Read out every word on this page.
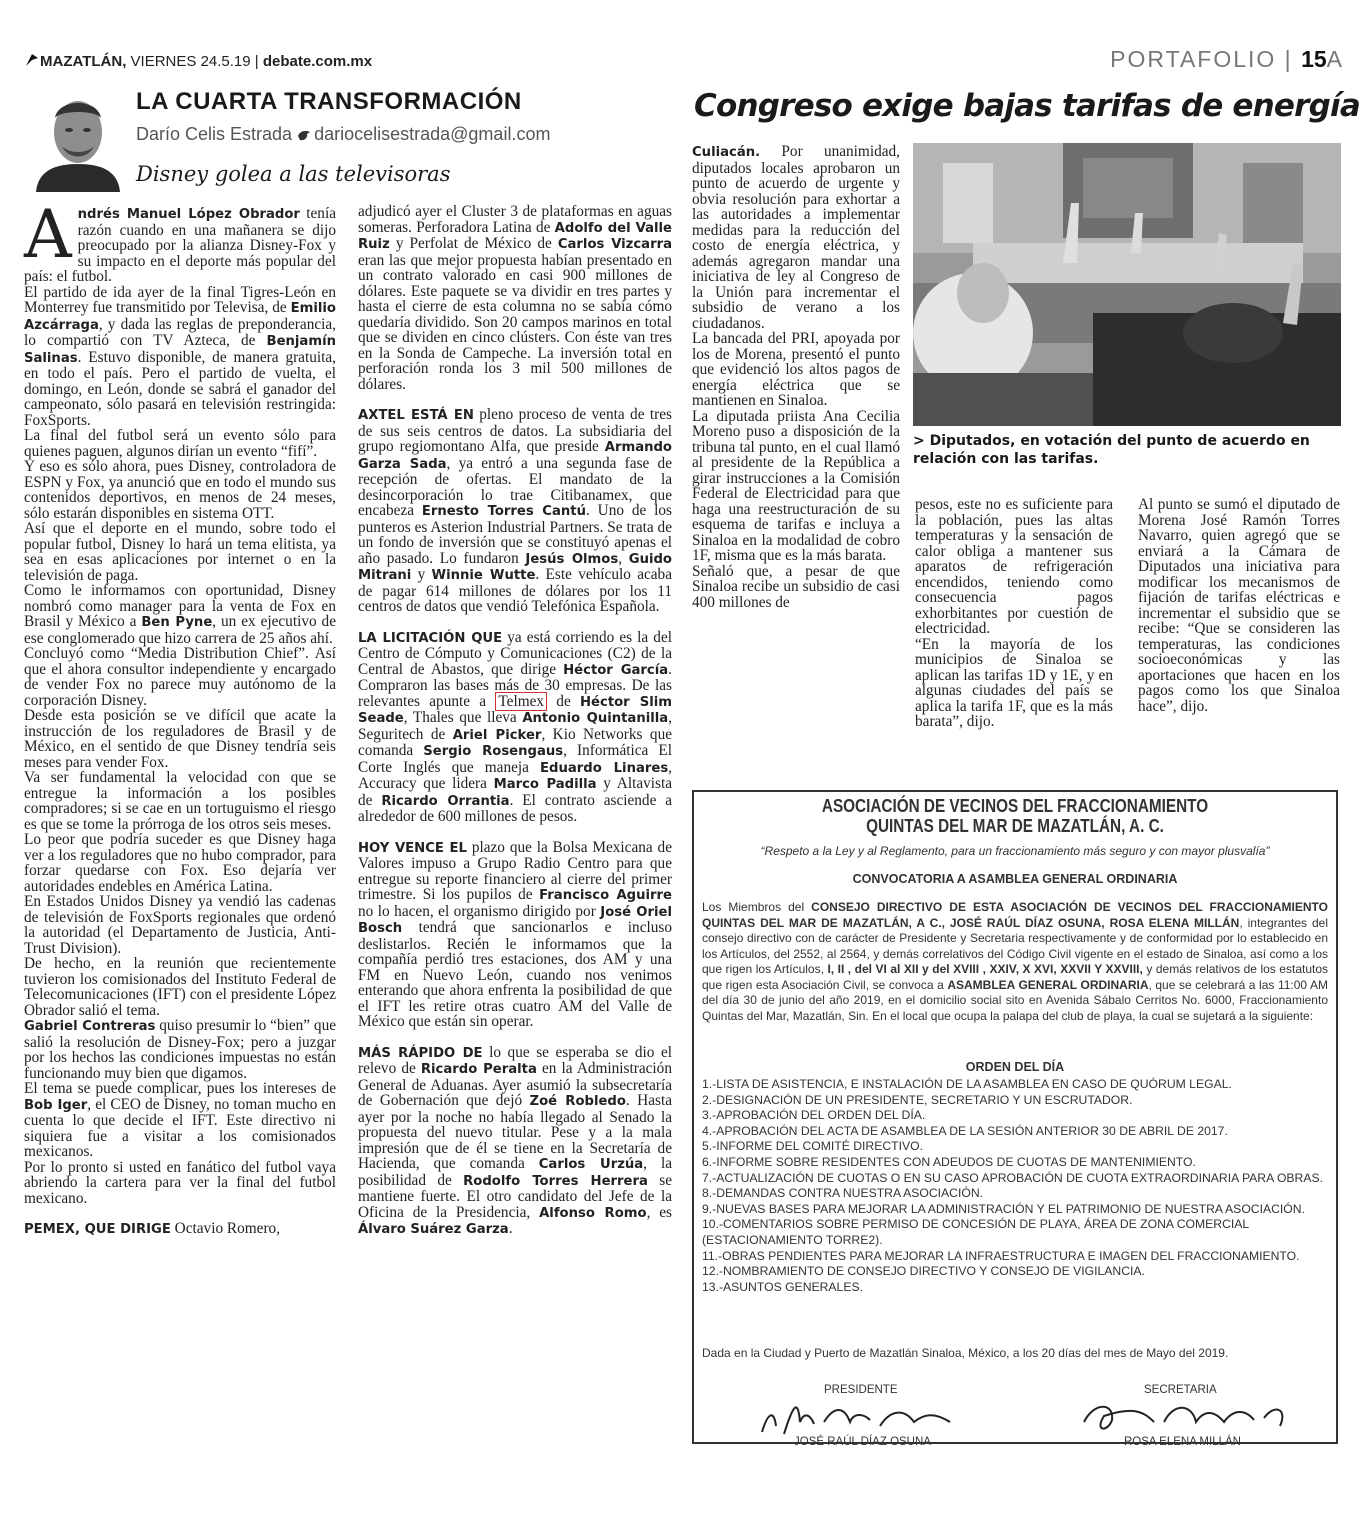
MAZATLÁN, VIERNES 24.5.19 | debate.com.mx	PORTAFOLIO | 15A
LA CUARTA TRANSFORMACIÓN
Darío Celis Estrada dariocelisestrada@gmail.com
Disney golea a las televisoras
A ndrés Manuel López Obrador tenía razón cuando en una mañanera se dijo preocupado por la alianza Disney-Fox y su impacto en el deporte más popular del país: el futbol.

El partido de ida ayer de la final Tigres-León en Monterrey fue transmitido por Televisa, de Emilio Azcárraga, y dada las reglas de preponderancia, lo compartió con TV Azteca, de Benjamín Salinas. Estuvo disponible, de manera gratuita, en todo el país. Pero el partido de vuelta, el domingo, en León, donde se sabrá el ganador del campeonato, sólo pasará en televisión restringida: FoxSports.

La final del futbol será un evento sólo para quienes paguen, algunos dirían un evento “fifí”.

Y eso es sólo ahora, pues Disney, controladora de ESPN y Fox, ya anunció que en todo el mundo sus contenidos deportivos, en menos de 24 meses, sólo estarán disponibles en sistema OTT.

Así que el deporte en el mundo, sobre todo el popular futbol, Disney lo hará un tema elitista, ya sea en esas aplicaciones por internet o en la televisión de paga.

Como le informamos con oportunidad, Disney nombró como manager para la venta de Fox en Brasil y México a Ben Pyne, un ex ejecutivo de ese conglomerado que hizo carrera de 25 años ahí.

Concluyó como “Media Distribution Chief”. Así que el ahora consultor independiente y encargado de vender Fox no parece muy autónomo de la corporación Disney.

Desde esta posición se ve difícil que acate la instrucción de los reguladores de Brasil y de México, en el sentido de que Disney tendría seis meses para vender Fox.

Va ser fundamental la velocidad con que se entregue la información a los posibles compradores; si se cae en un tortuguismo el riesgo es que se tome la prórroga de los otros seis meses.

Lo peor que podría suceder es que Disney haga ver a los reguladores que no hubo comprador, para forzar quedarse con Fox. Eso dejaría ver autoridades endebles en América Latina.

En Estados Unidos Disney ya vendió las cadenas de televisión de FoxSports regionales que ordenó la autoridad (el Departamento de Justicia, Anti-Trust Division).

De hecho, en la reunión que recientemente tuvieron los comisionados del Instituto Federal de Telecomunicaciones (IFT) con el presidente López Obrador salió el tema.

Gabriel Contreras quiso presumir lo “bien” que salió la resolución de Disney-Fox; pero a juzgar por los hechos las condiciones impuestas no están funcionando muy bien que digamos.

El tema se puede complicar, pues los intereses de Bob Iger, el CEO de Disney, no toman mucho en cuenta lo que decide el IFT. Este directivo ni siquiera fue a visitar a los comisionados mexicanos.

Por lo pronto si usted en fanático del futbol vaya abriendo la cartera para ver la final del futbol mexicano.

PEMEX, QUE DIRIGE Octavio Romero,

adjudicó ayer el Cluster 3 de plataformas en aguas someras. Perforadora Latina de Adolfo del Valle Ruiz y Perfolat de México de Carlos Vizcarra eran las que mejor propuesta habían presentado en un contrato valorado en casi 900 millones de dólares. Este paquete se va dividir en tres partes y hasta el cierre de esta columna no se sabía cómo quedaría dividido. Son 20 campos marinos en total que se dividen en cinco clústers. Con éste van tres en la Sonda de Campeche. La inversión total en perforación ronda los 3 mil 500 millones de dólares.

AXTEL ESTÁ EN pleno proceso de venta de tres de sus seis centros de datos. La subsidiaria del grupo regiomontano Alfa, que preside Armando Garza Sada, ya entró a una segunda fase de recepción de ofertas. El mandato de la desincorporación lo trae Citibanamex, que encabeza Ernesto Torres Cantú. Uno de los punteros es Asterion Industrial Partners. Se trata de un fondo de inversión que se constituyó apenas el año pasado. Lo fundaron Jesús Olmos, Guido Mitrani y Winnie Wutte. Este vehículo acaba de pagar 614 millones de dólares por los 11 centros de datos que vendió Telefónica Española.

LA LICITACIÓN QUE ya está corriendo es la del Centro de Cómputo y Comunicaciones (C2) de la Central de Abastos, que dirige Héctor García. Compraron las bases más de 30 empresas. De las relevantes apunte a Telmex de Héctor Slim Seade, Thales que lleva Antonio Quintanilla, Seguritech de Ariel Picker, Kio Networks que comanda Sergio Rosengaus, Informática El Corte Inglés que maneja Eduardo Linares, Accuracy que lidera Marco Padilla y Altavista de Ricardo Orrantia. El contrato asciende a alrededor de 600 millones de pesos.

HOY VENCE EL plazo que la Bolsa Mexicana de Valores impuso a Grupo Radio Centro para que entregue su reporte financiero al cierre del primer trimestre. Si los pupilos de Francisco Aguirre no lo hacen, el organismo dirigido por José Oriel Bosch tendrá que sancionarlos e incluso deslistarlos. Recién le informamos que la compañía perdió tres estaciones, dos AM y una FM en Nuevo León, cuando nos venimos enterando que ahora enfrenta la posibilidad de que el IFT les retire otras cuatro AM del Valle de México que están sin operar.

MÁS RÁPIDO DE lo que se esperaba se dio el relevo de Ricardo Peralta en la Administración General de Aduanas. Ayer asumió la subsecretaría de Gobernación que dejó Zoé Robledo. Hasta ayer por la noche no había llegado al Senado la propuesta del nuevo titular. Pese y a la mala impresión que de él se tiene en la Secretaría de Hacienda, que comanda Carlos Urzúa, la posibilidad de Rodolfo Torres Herrera se mantiene fuerte. El otro candidato del Jefe de la Oficina de la Presidencia, Alfonso Romo, es Álvaro Suárez Garza.

Congreso exige bajas tarifas de energía

Culiacán. Por unanimidad, diputados locales aprobaron un punto de acuerdo de urgente y obvia resolución para exhortar a las autoridades a implementar medidas para la reducción del costo de energía eléctrica, y además agregaron mandar una iniciativa de ley al Congreso de la Unión para incrementar el subsidio de verano a los ciudadanos.

La bancada del PRI, apoyada por los de Morena, presentó el punto que evidenció los altos pagos de energía eléctrica que se mantienen en Sinaloa.

La diputada priista Ana Cecilia Moreno puso a disposición de la tribuna tal punto, en el cual llamó al presidente de la República a girar instrucciones a la Comisión Federal de Electricidad para que haga una reestructuración de su esquema de tarifas e incluya a Sinaloa en la modalidad de cobro 1F, misma que es la más barata.

Señaló que, a pesar de que Sinaloa recibe un subsidio de casi 400 millones de

> Diputados, en votación del punto de acuerdo en relación con las tarifas.

pesos, este no es suficiente para la población, pues las altas temperaturas y la sensación de calor obliga a mantener sus aparatos de refrigeración encendidos, teniendo como consecuencia pagos exhorbitantes por cuestión de electricidad.

“En la mayoría de los municipios de Sinaloa se aplican las tarifas 1D y 1E, y en algunas ciudades del país se aplica la tarifa 1F, que es la más barata”, dijo.

Al punto se sumó el diputado de Morena José Ramón Torres Navarro, quien agregó que se enviará a la Cámara de Diputados una iniciativa para modificar los mecanismos de fijación de tarifas eléctricas e incrementar el subsidio que se recibe: “Que se consideren las temperaturas, las condiciones socioeconómicas y las aportaciones que hacen en los pagos como los que Sinaloa hace”, dijo.

ASOCIACIÓN DE VECINOS DEL FRACCIONAMIENTO
QUINTAS DEL MAR DE MAZATLÁN, A. C.
“Respeto a la Ley y al Reglamento, para un fraccionamiento más seguro y con mayor plusvalía”
CONVOCATORIA A ASAMBLEA GENERAL ORDINARIA
Los Miembros del CONSEJO DIRECTIVO DE ESTA ASOCIACIÓN DE VECINOS DEL FRACCIONAMIENTO QUINTAS DEL MAR DE MAZATLÁN, A C., JOSÉ RAÚL DÍAZ OSUNA, ROSA ELENA MILLÁN, integrantes del consejo directivo con de carácter de Presidente y Secretaria respectivamente y de conformidad por lo establecido en los Artículos, del 2552, al 2564, y demás correlativos del Código Civil vigente en el estado de Sinaloa, así como a los que rigen los Artículos, I, II , del VI al XII y del XVIII , XXIV, X XVI, XXVII Y XXVIII, y demás relativos de los estatutos que rigen esta Asociación Civil, se convoca a ASAMBLEA GENERAL ORDINARIA, que se celebrará a las 11:00 AM del día 30 de junio del año 2019, en el domicilio social sito en Avenida Sábalo Cerritos No. 6000, Fraccionamiento Quintas del Mar, Mazatlán, Sin. En el local que ocupa la palapa del club de playa, la cual se sujetará a la siguiente:
ORDEN DEL DÍA
1.-LISTA DE ASISTENCIA, E INSTALACIÓN DE LA ASAMBLEA EN CASO DE QUÓRUM LEGAL.
2.-DESIGNACIÓN DE UN PRESIDENTE, SECRETARIO Y UN ESCRUTADOR.
3.-APROBACIÓN DEL ORDEN DEL DÍA.
4.-APROBACIÓN DEL ACTA DE ASAMBLEA DE LA SESIÓN ANTERIOR 30 DE ABRIL DE 2017.
5.-INFORME DEL COMITÉ DIRECTIVO.
6.-INFORME SOBRE RESIDENTES CON ADEUDOS DE CUOTAS DE MANTENIMIENTO.
7.-ACTUALIZACIÓN DE CUOTAS O EN SU CASO APROBACIÓN DE CUOTA EXTRAORDINARIA PARA OBRAS.
8.-DEMANDAS CONTRA NUESTRA ASOCIACIÓN.
9.-NUEVAS BASES PARA MEJORAR LA ADMINISTRACIÓN Y EL PATRIMONIO DE NUESTRA ASOCIACIÓN.
10.-COMENTARIOS SOBRE PERMISO DE CONCESIÓN DE PLAYA, ÁREA DE ZONA COMERCIAL (ESTACIONAMIENTO TORRE2).
11.-OBRAS PENDIENTES PARA MEJORAR LA INFRAESTRUCTURA E IMAGEN DEL FRACCIONAMIENTO.
12.-NOMBRAMIENTO DE CONSEJO DIRECTIVO Y CONSEJO DE VIGILANCIA.
13.-ASUNTOS GENERALES.
Dada en la Ciudad y Puerto de Mazatlán Sinaloa, México, a los 20 días del mes de Mayo del 2019.
PRESIDENTE
JOSÉ RAÚL DÍAZ OSUNA
SECRETARIA
ROSA ELENA MILLÁN
